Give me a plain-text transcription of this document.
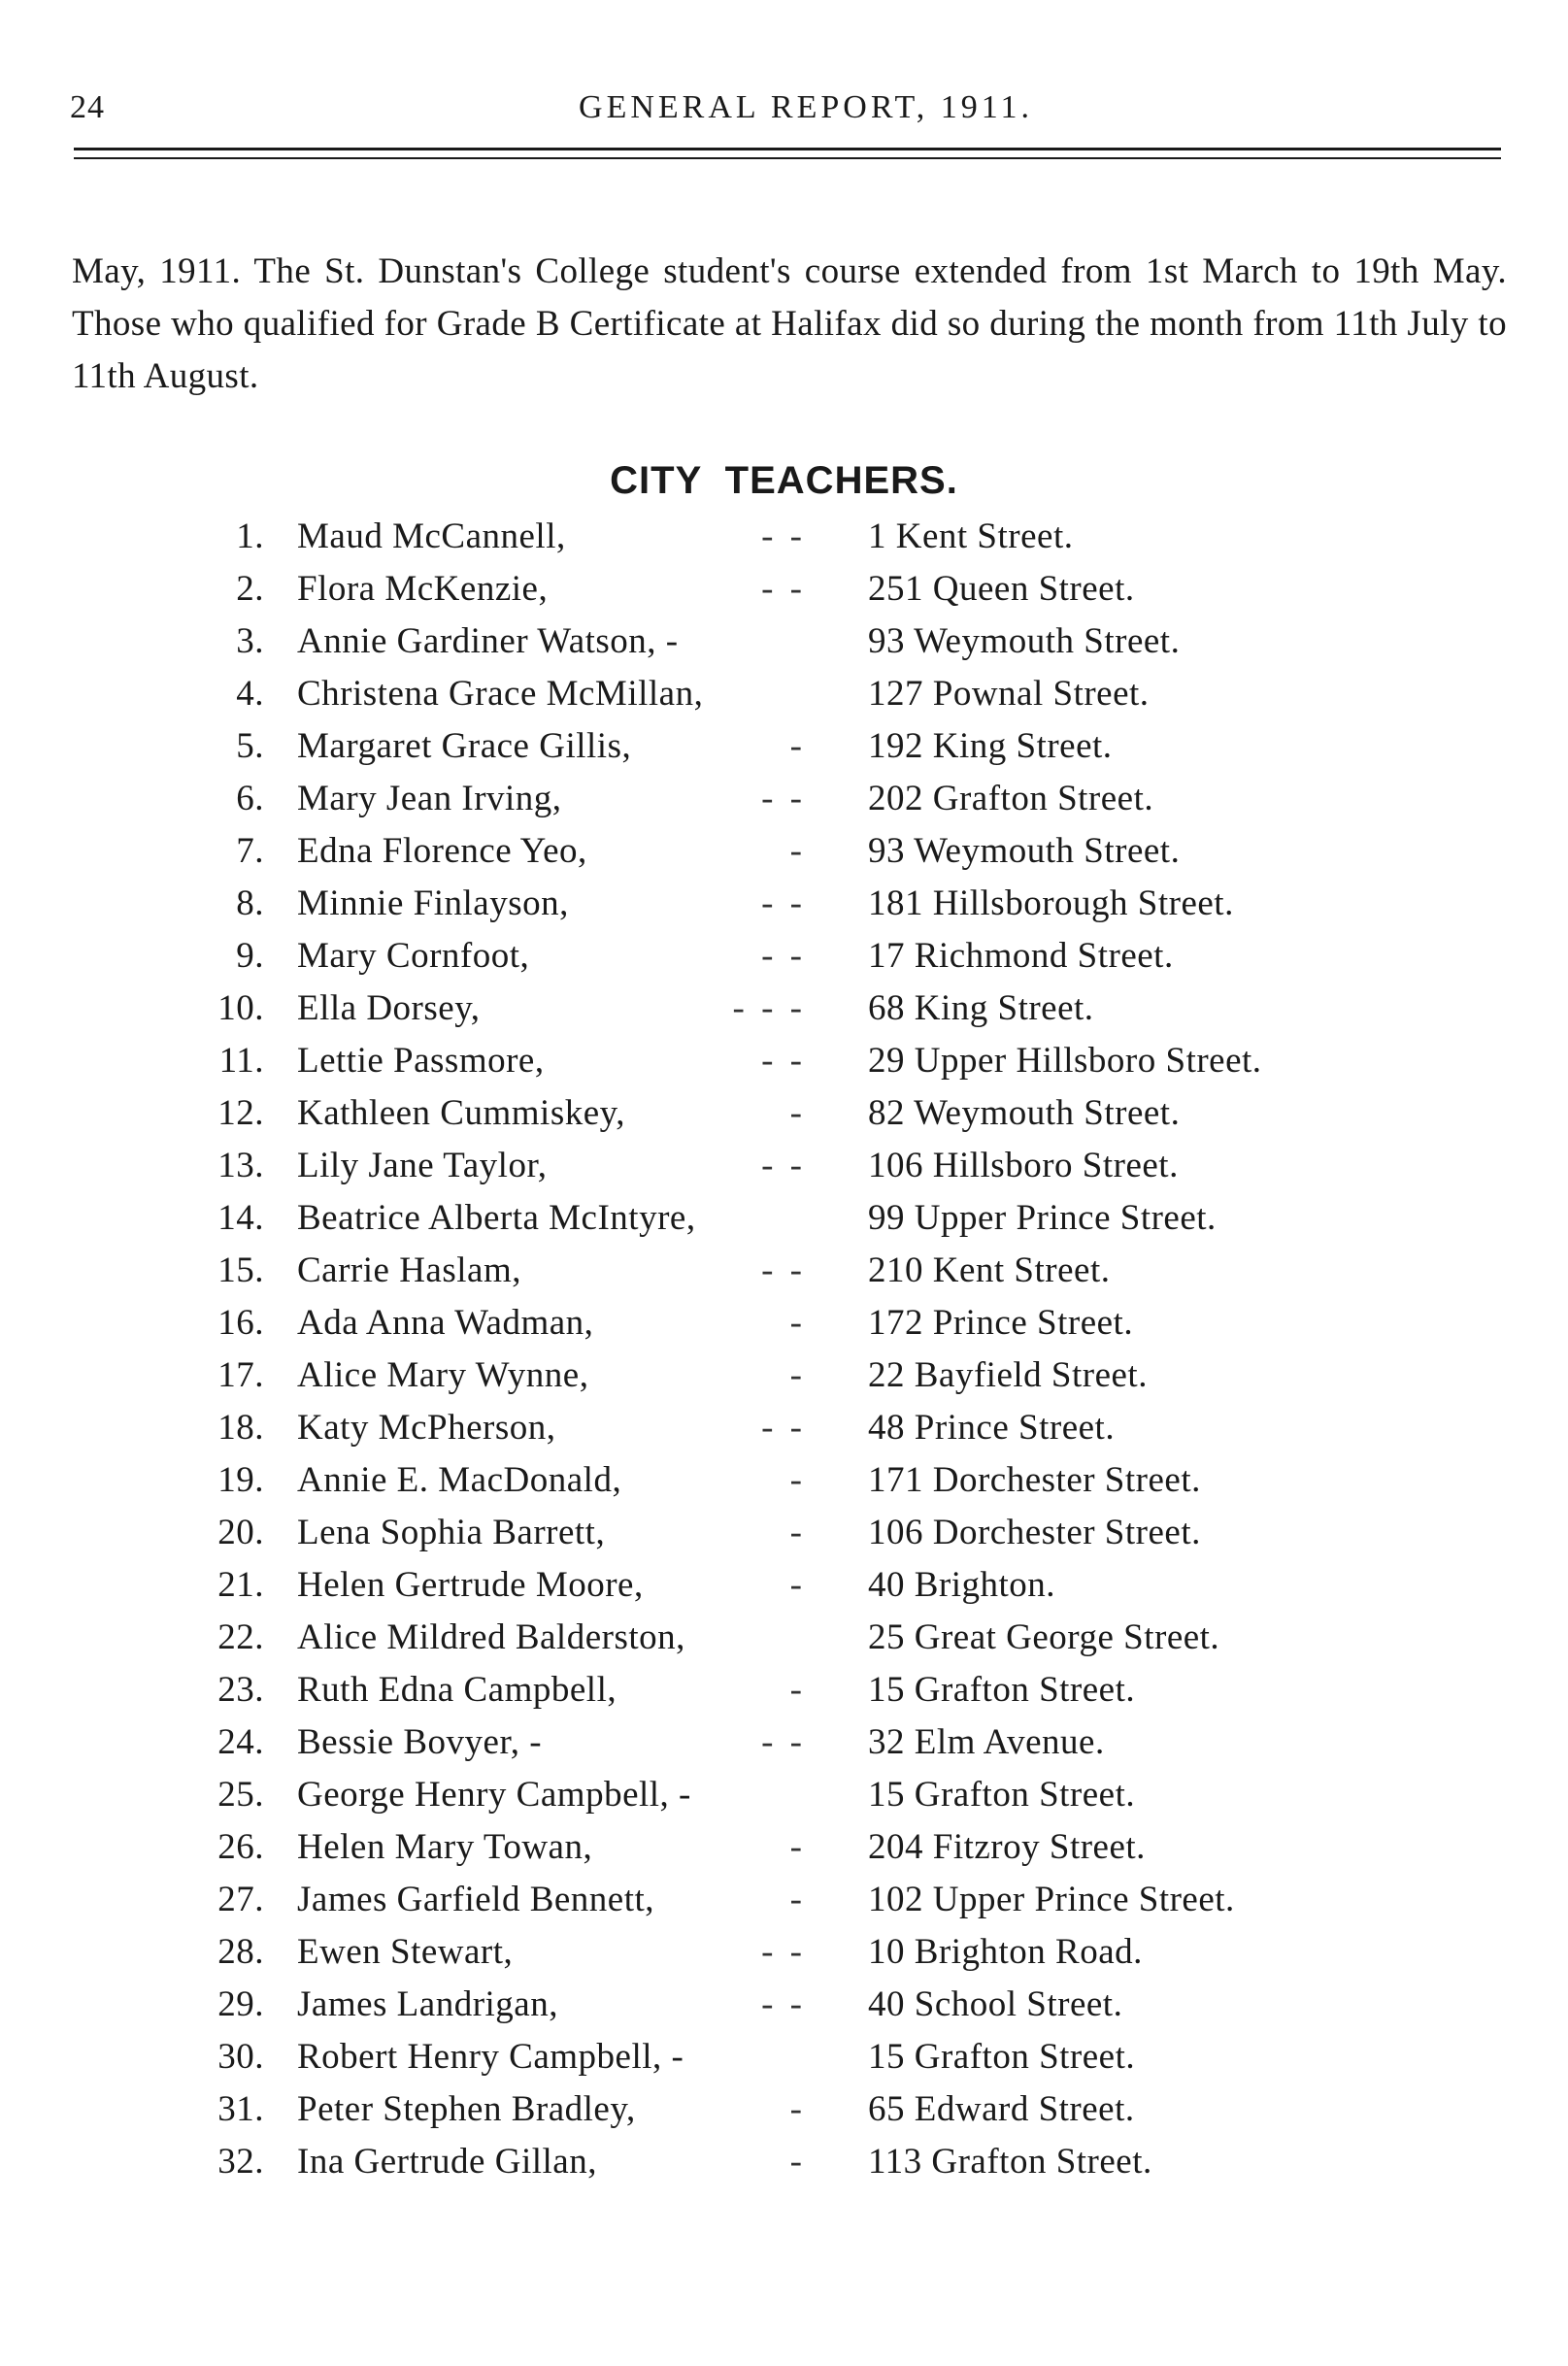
24	GENERAL REPORT, 1911.

May, 1911. The St. Dunstan's College student's course extended from 1st March to 19th May. Those who qualified for Grade B Certificate at Halifax did so during the month from 11th July to 11th August.

CITY TEACHERS.
1. Maud McCannell,	- - 1 Kent Street.
2. Flora McKenzie,	- - 251 Queen Street.
3. Annie Gardiner Watson, -	93 Weymouth Street.
4. Christena Grace McMillan,	127 Pownal Street.
5. Margaret Grace Gillis,	- 192 King Street.
6. Mary Jean Irving,	- - 202 Grafton Street.
7. Edna Florence Yeo,	- 93 Weymouth Street.
8. Minnie Finlayson,	- - 181 Hillsborough Street.
9. Mary Cornfoot,	- - 17 Richmond Street.
10. Ella Dorsey,	- - - 68 King Street.
11. Lettie Passmore,	- - 29 Upper Hillsboro Street.
12. Kathleen Cummiskey,	- 82 Weymouth Street.
13. Lily Jane Taylor,	- - 106 Hillsboro Street.
14. Beatrice Alberta McIntyre,	99 Upper Prince Street.
15. Carrie Haslam,	- - 210 Kent Street.
16. Ada Anna Wadman,	- 172 Prince Street.
17. Alice Mary Wynne,	- 22 Bayfield Street.
18. Katy McPherson,	- - 48 Prince Street.
19. Annie E. MacDonald,	- 171 Dorchester Street.
20. Lena Sophia Barrett,	- 106 Dorchester Street.
21. Helen Gertrude Moore,	- 40 Brighton.
22. Alice Mildred Balderston,	25 Great George Street.
23. Ruth Edna Campbell,	- 15 Grafton Street.
24. Bessie Bovyer, -	- - 32 Elm Avenue.
25. George Henry Campbell, -	15 Grafton Street.
26. Helen Mary Towan,	- 204 Fitzroy Street.
27. James Garfield Bennett,	- 102 Upper Prince Street.
28. Ewen Stewart,	- - 10 Brighton Road.
29. James Landrigan,	- - 40 School Street.
30. Robert Henry Campbell, -	15 Grafton Street.
31. Peter Stephen Bradley,	- 65 Edward Street.
32. Ina Gertrude Gillan,	- 113 Grafton Street.
